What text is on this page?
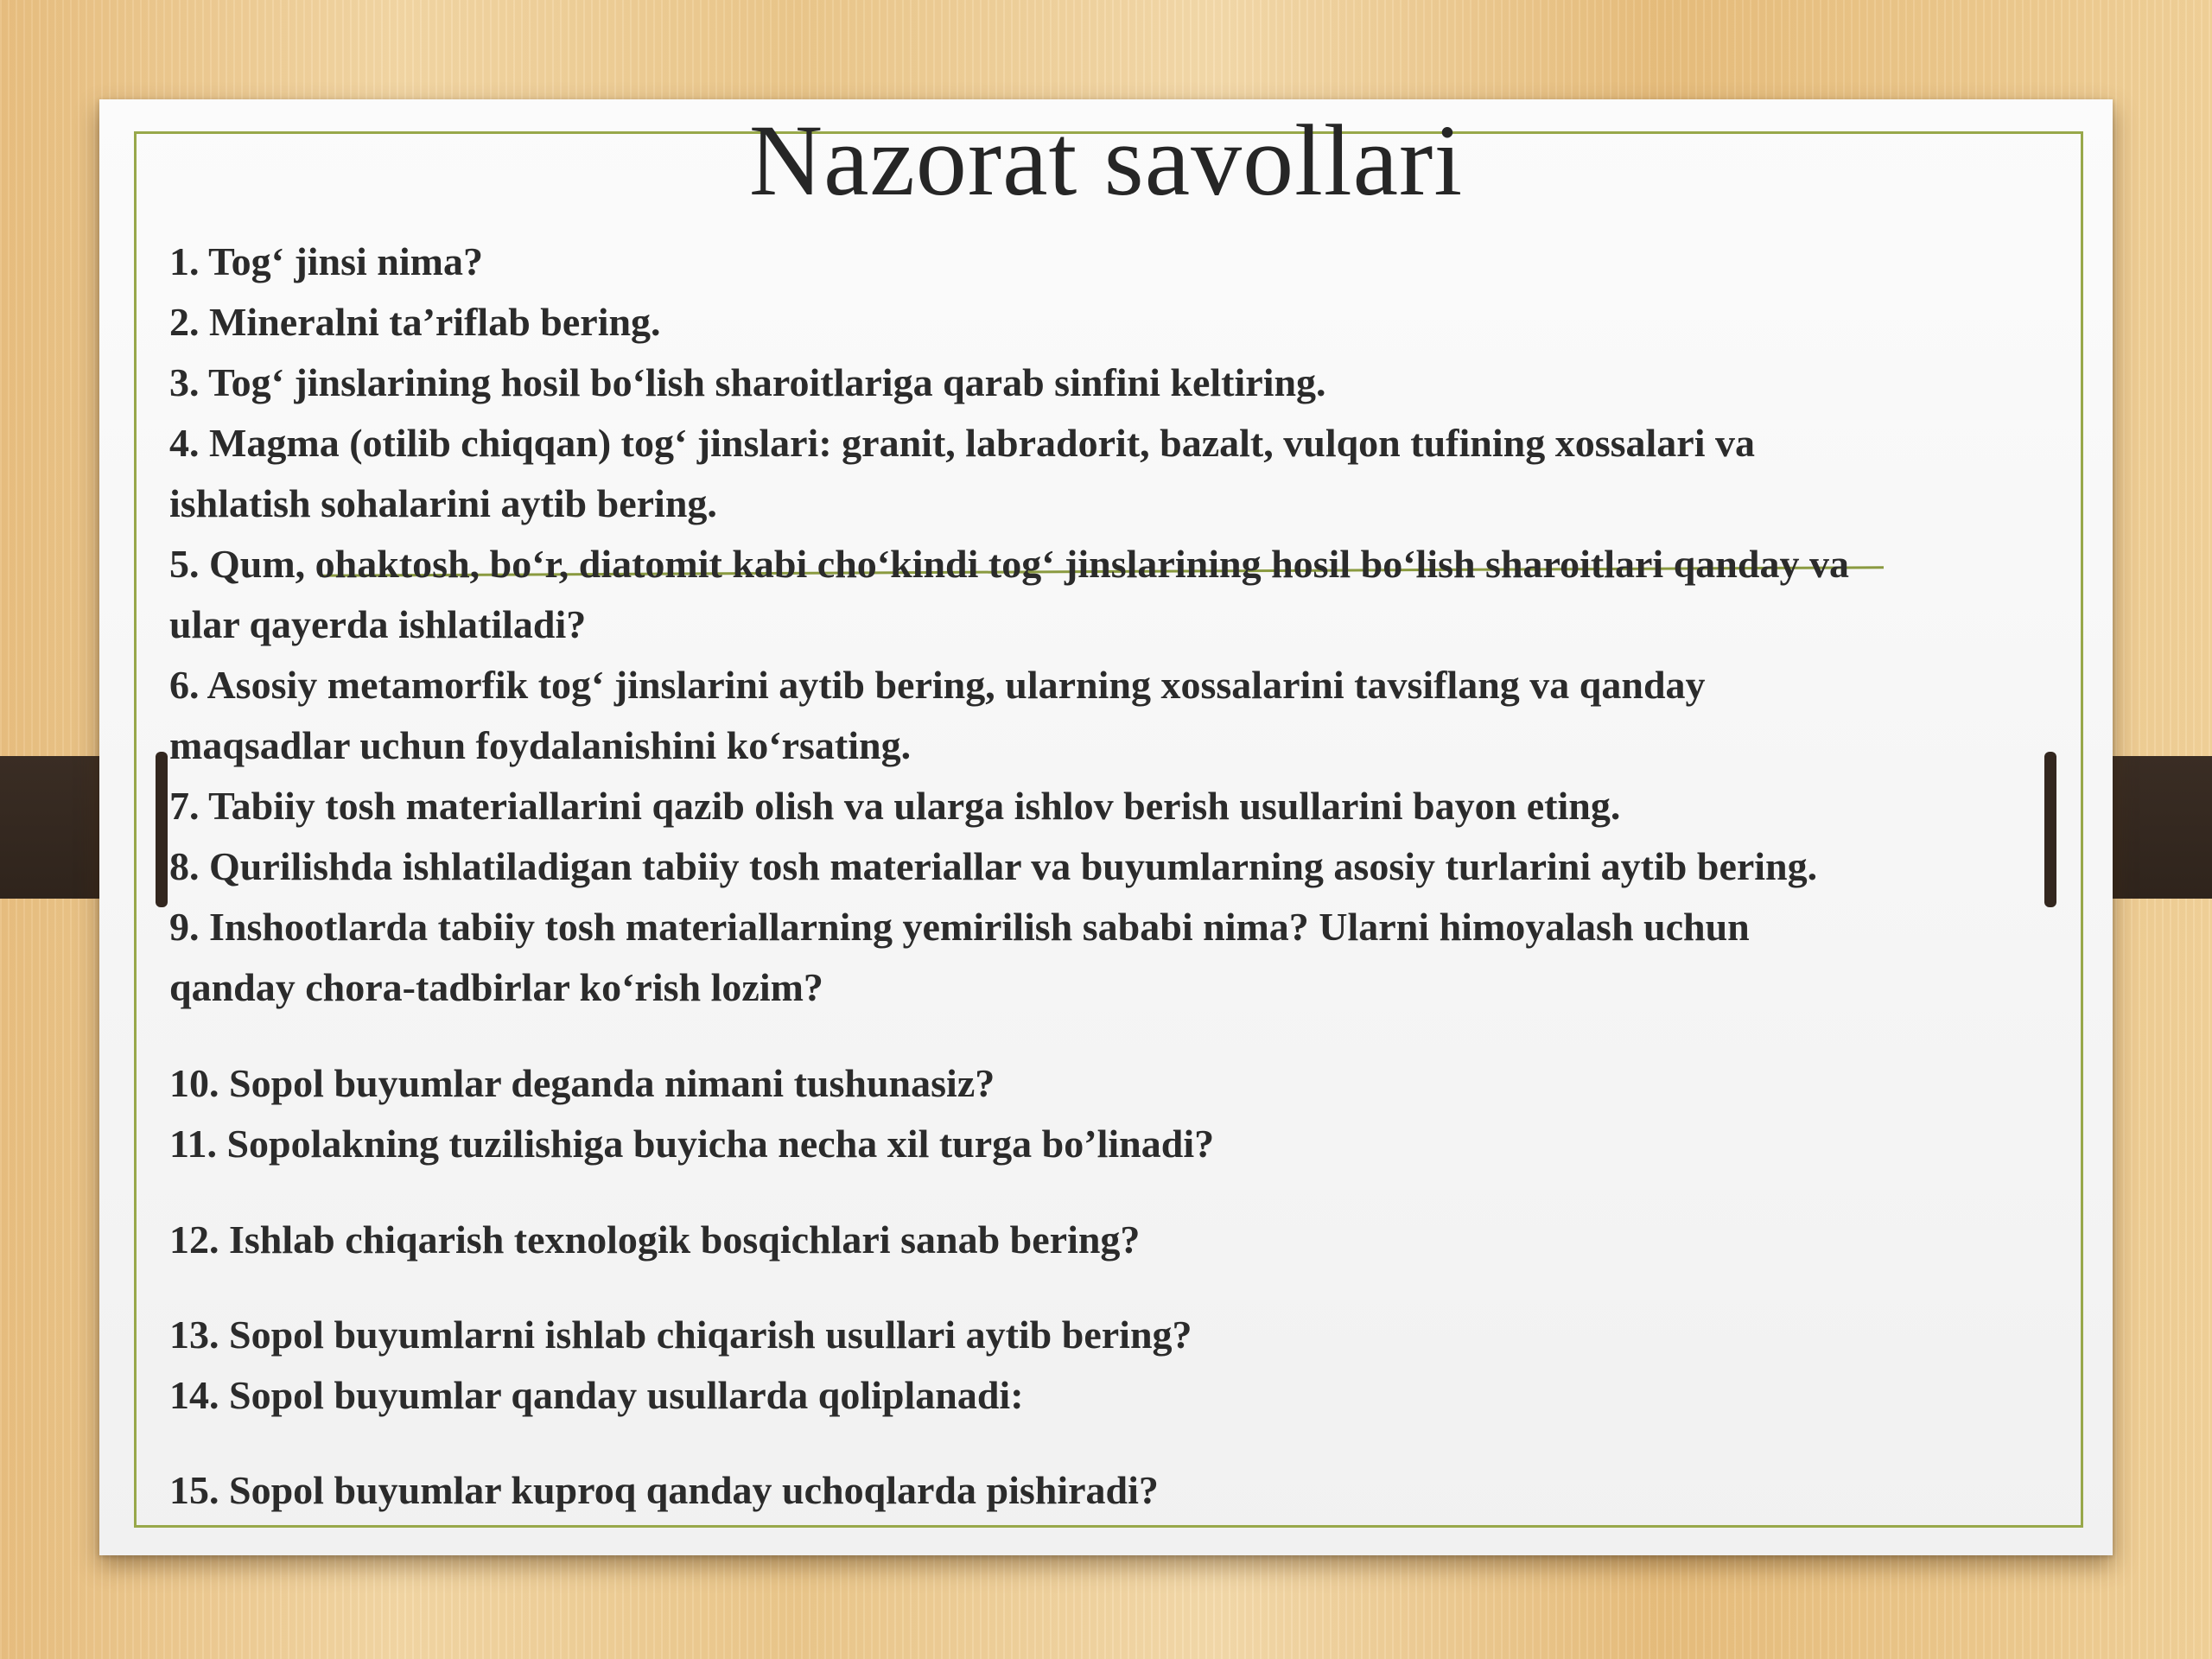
Nazorat savollari
1. Tog‘ jinsi nima?
2. Mineralni ta’riflab bering.
3. Tog‘ jinslarining hosil bo‘lish sharoitlariga qarab sinfini keltiring.
4. Magma (otilib chiqqan) tog‘ jinslari: granit, labradorit, bazalt, vulqon tufining xossalari va
ishlatish sohalarini aytib bering.
5. Qum, ohaktosh, bo‘r, diatomit kabi cho‘kindi tog‘ jinslarining hosil bo‘lish sharoitlari qanday va
ular qayerda ishlatiladi?
6. Asosiy metamorfik tog‘ jinslarini aytib bering, ularning xossalarini tavsiflang va qanday
maqsadlar uchun foydalanishini ko‘rsating.
7. Tabiiy tosh materiallarini qazib olish va ularga ishlov berish usullarini bayon eting.
8. Qurilishda ishlatiladigan tabiiy tosh materiallar va buyumlarning asosiy turlarini aytib bering.
9. Inshootlarda tabiiy tosh materiallarning yemirilish sababi nima? Ularni himoyalash uchun
qanday chora-tadbirlar ko‘rish lozim?
10. Sopol buyumlar deganda nimani tushunasiz?
11. Sopolakning tuzilishiga buyicha necha xil turga bo’linadi?
12. Ishlab chiqarish texnologik bosqichlari sanab bering?
13. Sopol buyumlarni ishlab chiqarish usullari aytib bering?
14. Sopol buyumlar qanday usullarda qoliplanadi:
15. Sopol buyumlar kuproq qanday uchoqlarda pishiradi?
